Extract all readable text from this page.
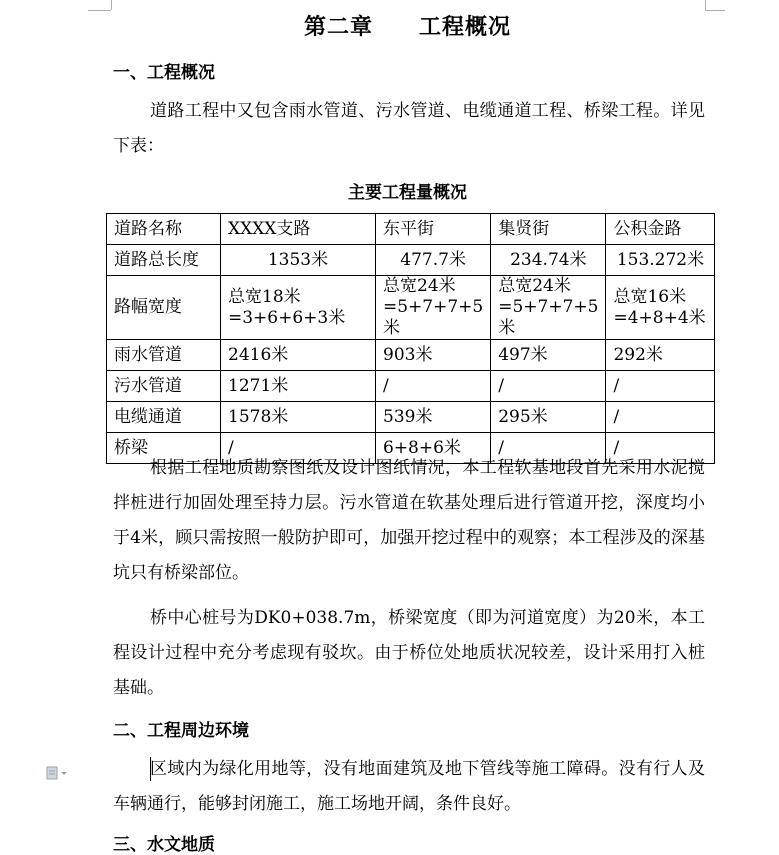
第二章　　工程概况
一、工程概况
道路工程中又包含雨水管道、污水管道、电缆通道工程、桥梁工程。详见下表：
主要工程量概况
道路名称	XXXX支路	东平街	集贤街	公积金路
道路总长度	1353米	477.7米	234.74米	153.272米
路幅宽度	总宽18米=3+6+6+3米	总宽24米=5+7+7+5米	总宽24米=5+7+7+5米	总宽16米=4+8+4米
雨水管道	2416米	903米	497米	292米
污水管道	1271米	/	/	/
电缆通道	1578米	539米	295米	/
桥梁	/	6+8+6米	/	/
根据工程地质勘察图纸及设计图纸情况，本工程软基地段首先采用水泥搅拌桩进行加固处理至持力层。污水管道在软基处理后进行管道开挖，深度均小于4米，顾只需按照一般防护即可，加强开挖过程中的观察；本工程涉及的深基坑只有桥梁部位。
桥中心桩号为DK0+038.7m，桥梁宽度（即为河道宽度）为20米，本工程设计过程中充分考虑现有驳坎。由于桥位处地质状况较差，设计采用打入桩基础。
二、工程周边环境
区域内为绿化用地等，没有地面建筑及地下管线等施工障碍。没有行人及车辆通行，能够封闭施工，施工场地开阔，条件良好。
三、水文地质
